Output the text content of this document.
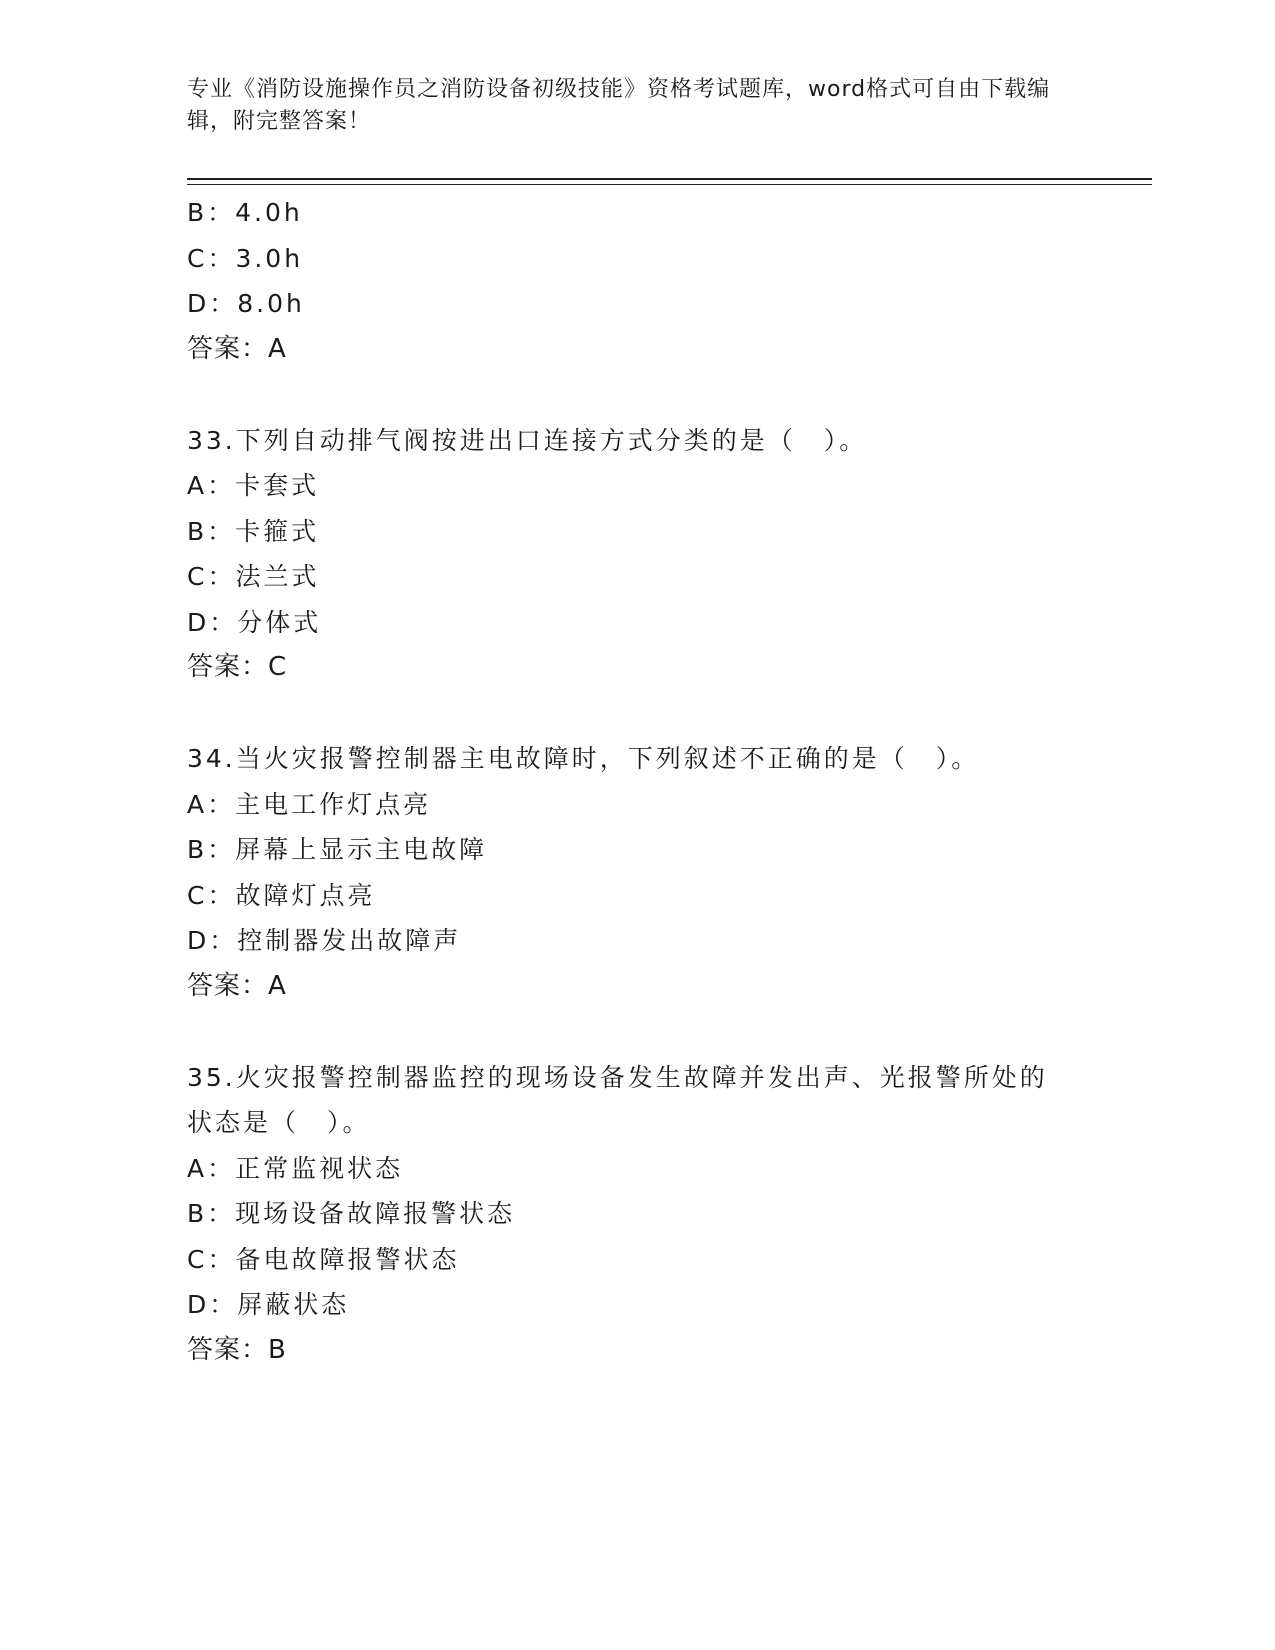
专业《消防设施操作员之消防设备初级技能》资格考试题库，word格式可自由下载编辑，附完整答案！
B：4.0h
C：3.0h
D：8.0h
答案：A
33.下列自动排气阀按进出口连接方式分类的是（　）。
A：卡套式
B：卡箍式
C：法兰式
D：分体式
答案：C
34.当火灾报警控制器主电故障时，下列叙述不正确的是（　）。
A：主电工作灯点亮
B：屏幕上显示主电故障
C：故障灯点亮
D：控制器发出故障声
答案：A
35.火灾报警控制器监控的现场设备发生故障并发出声、光报警所处的状态是（　）。
A：正常监视状态
B：现场设备故障报警状态
C：备电故障报警状态
D：屏蔽状态
答案：B
